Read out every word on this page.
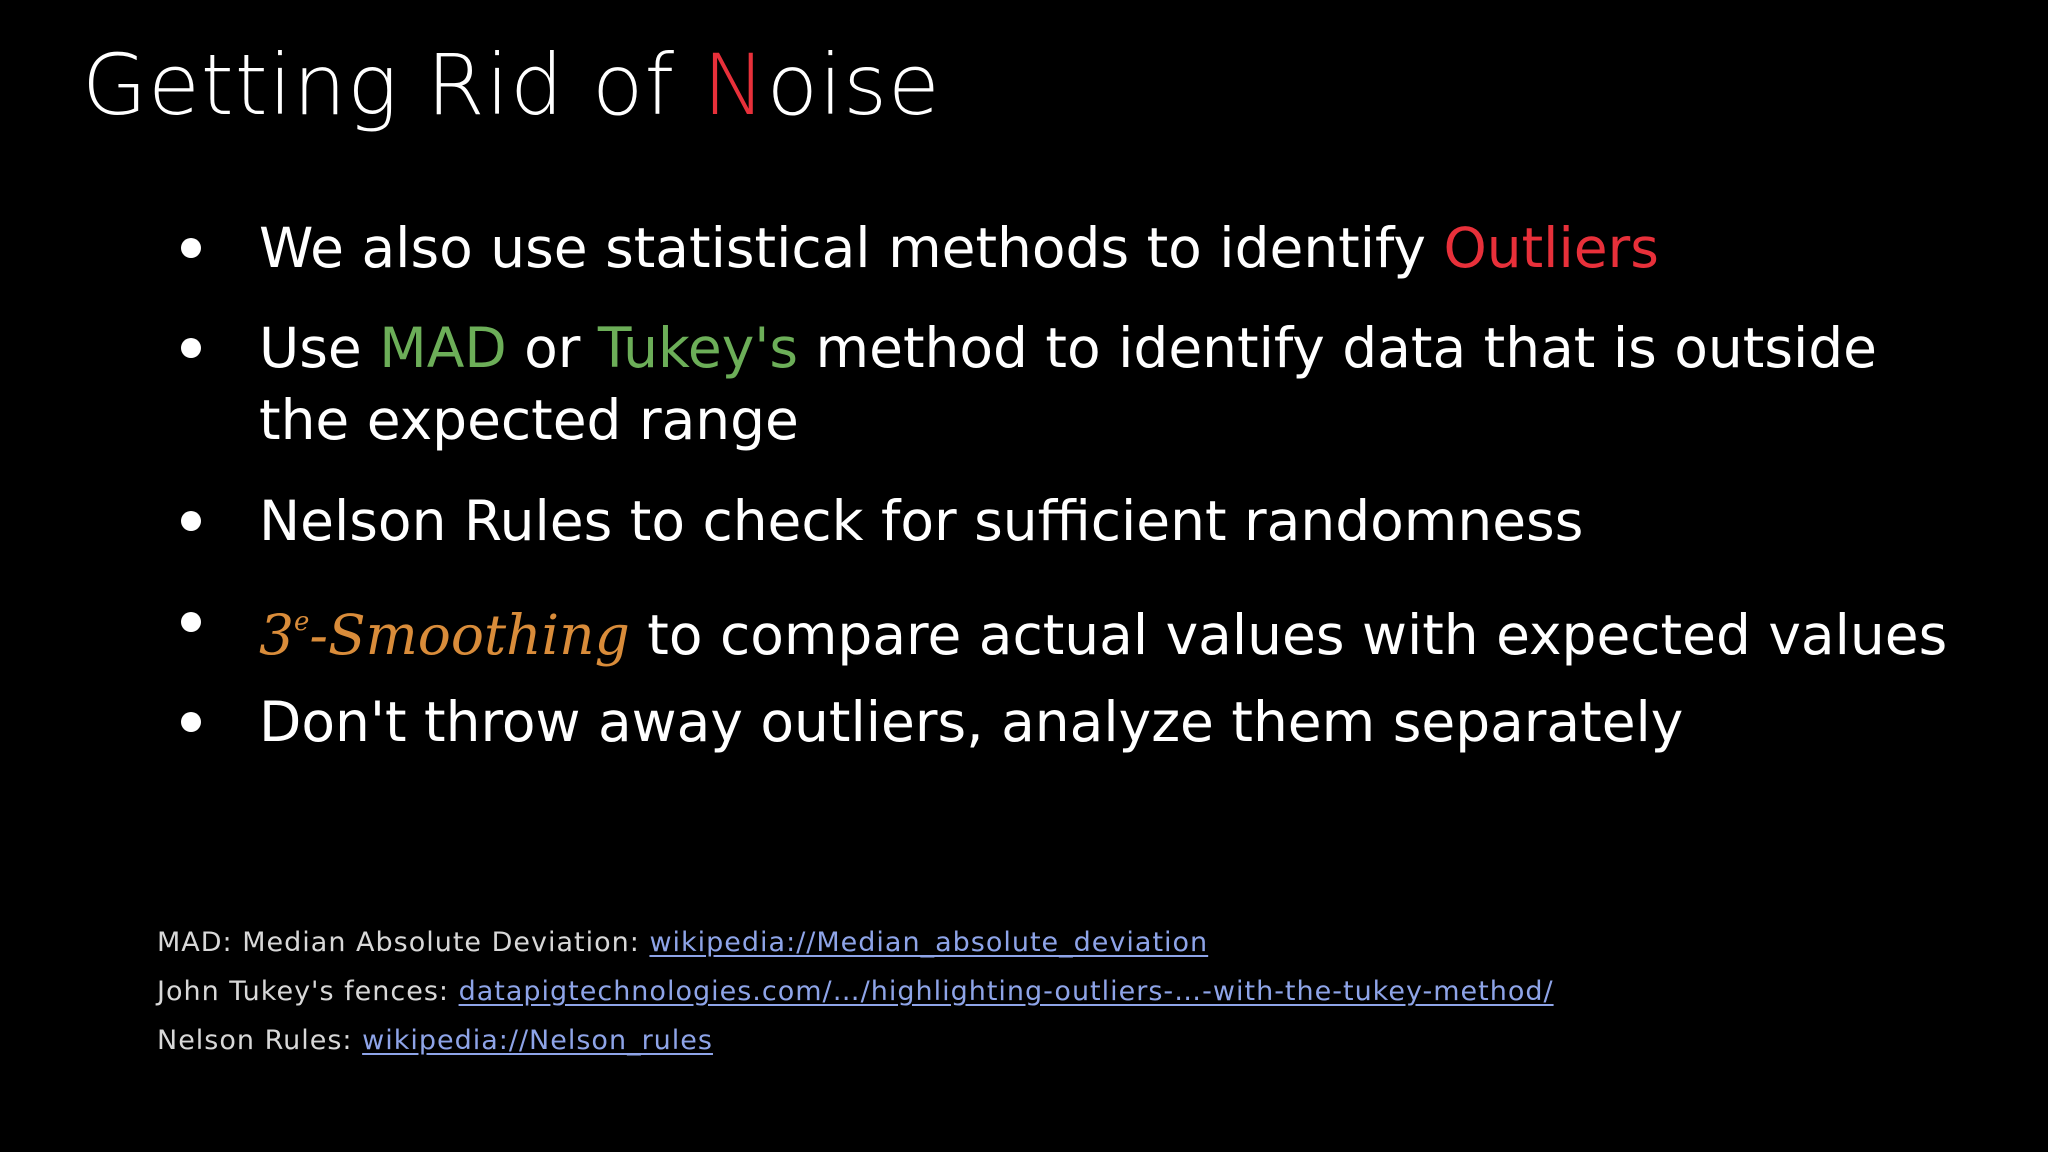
Getting Rid of Noise
We also use statistical methods to identify Outliers
Use MAD or Tukey's method to identify data that is outside
the expected range
Nelson Rules to check for sufficient randomness
3e-Smoothing to compare actual values with expected values
Don't throw away outliers, analyze them separately
MAD: Median Absolute Deviation: wikipedia://Median_absolute_deviation
John Tukey's fences: datapigtechnologies.com/…/highlighting-outliers-…-with-the-tukey-method/
Nelson Rules: wikipedia://Nelson_rules
